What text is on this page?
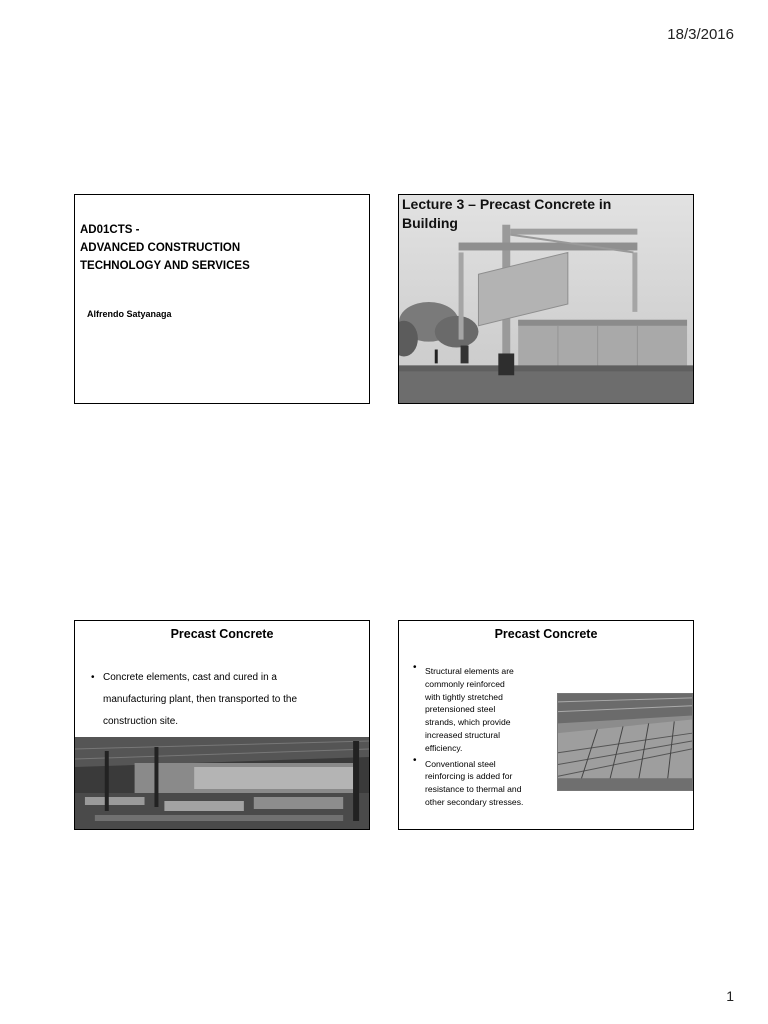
18/3/2016
AD01CTS -
ADVANCED CONSTRUCTION
TECHNOLOGY AND SERVICES
Alfrendo Satyanaga
Lecture 3 – Precast Concrete in
Building
Precast Concrete
• Concrete elements, cast and cured in a
manufacturing plant, then transported to the
construction site.
Precast Concrete
• Structural elements are
commonly reinforced
with tightly stretched
pretensioned steel
strands, which provide
increased structural
efficiency.
• Conventional steel
reinforcing is added for
resistance to thermal and
other secondary stresses.
1
